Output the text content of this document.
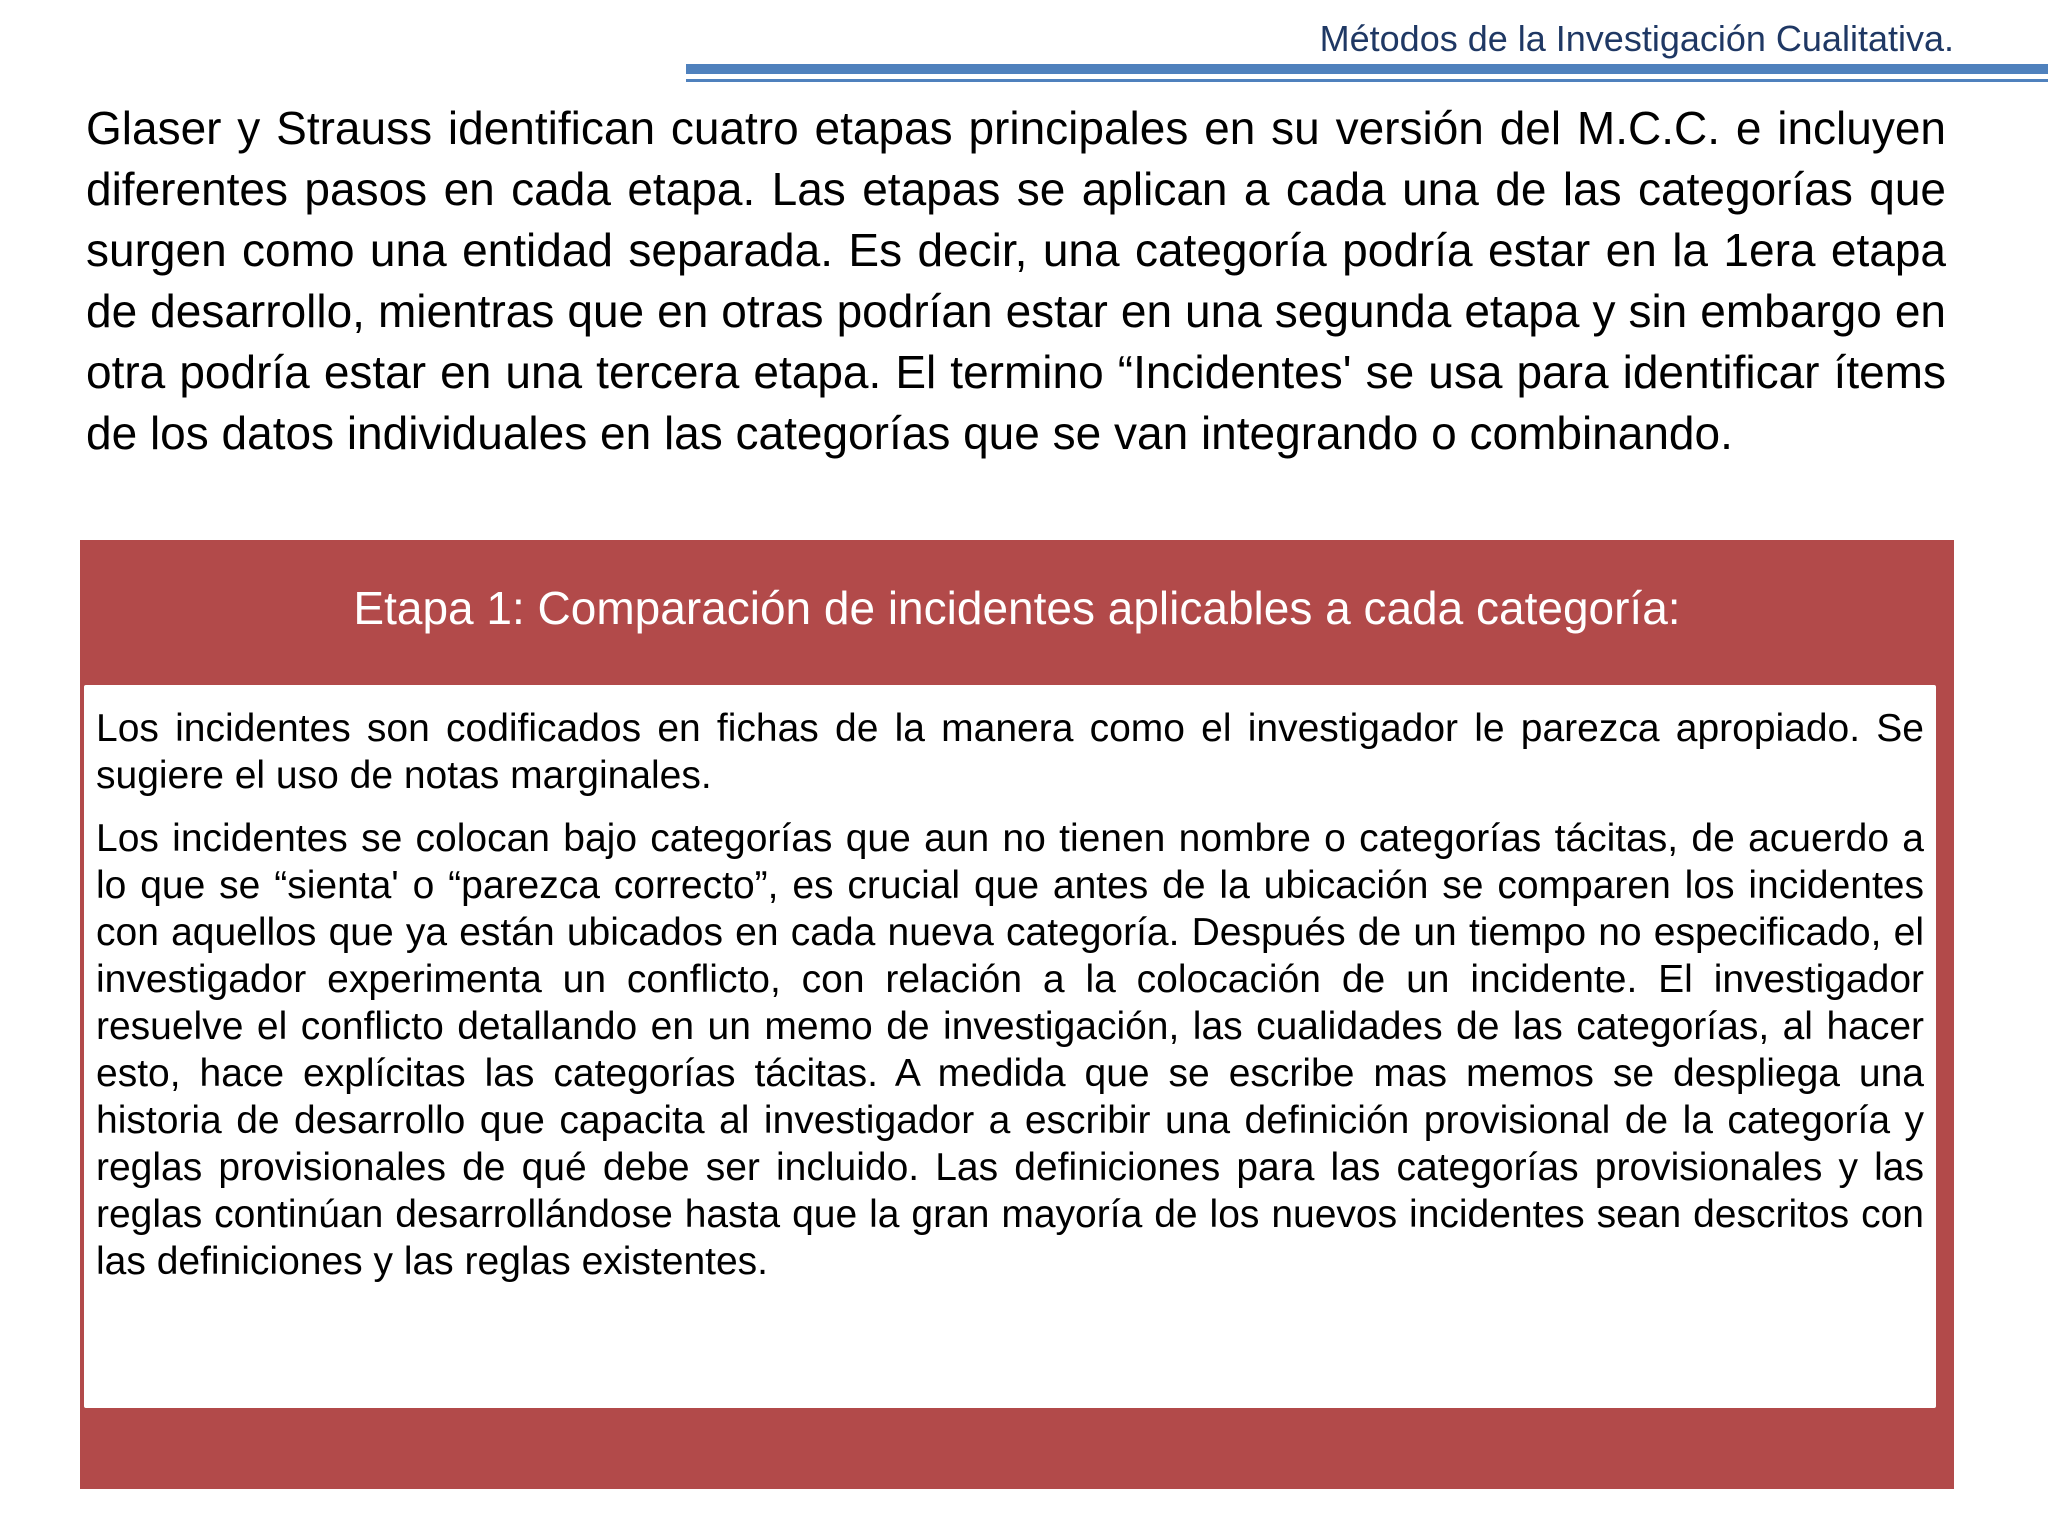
Métodos de la Investigación Cualitativa.

Glaser y Strauss identifican cuatro etapas principales en su versión del M.C.C. e incluyen diferentes pasos en cada etapa. Las etapas se aplican a cada una de las categorías que surgen como una entidad separada. Es decir, una categoría podría estar en la 1era etapa de desarrollo, mientras que en otras podrían estar en una segunda etapa y sin embargo en otra podría estar en una tercera etapa. El termino “Incidentes' se usa para identificar ítems de los datos individuales en las categorías que se van integrando o combinando.

Etapa 1: Comparación de incidentes aplicables a cada categoría:

Los incidentes son codificados en fichas de la manera como el investigador le parezca apropiado. Se sugiere el uso de notas marginales.

Los incidentes se colocan bajo categorías que aun no tienen nombre o categorías tácitas, de acuerdo a lo que se “sienta' o “parezca correcto”, es crucial que antes de la ubicación se comparen los incidentes con aquellos que ya están ubicados en cada nueva categoría. Después de un tiempo no especificado, el investigador experimenta un conflicto, con relación a la colocación de un incidente. El investigador resuelve el conflicto detallando en un memo de investigación, las cualidades de las categorías, al hacer esto, hace explícitas las categorías tácitas. A medida que se escribe mas memos se despliega una historia de desarrollo que capacita al investigador a escribir una definición provisional de la categoría y reglas provisionales de qué debe ser incluido. Las definiciones para las categorías provisionales y las reglas continúan desarrollándose hasta que la gran mayoría de los nuevos incidentes sean descritos con las definiciones y las reglas existentes.
